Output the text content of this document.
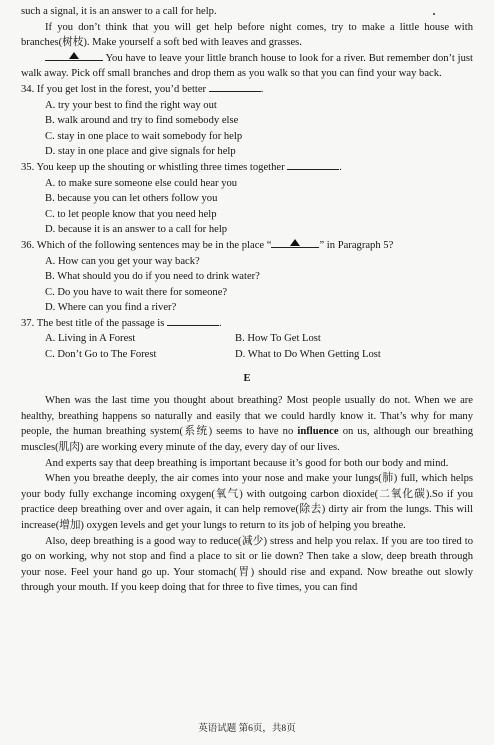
such a signal, it is an answer to a call for help.

If you don’t think that you will get help before night comes, try to make a little house with branches(树枝). Make yourself a soft bed with leaves and grasses.

You have to leave your little branch house to look for a river. But remember don’t just walk away. Pick off small branches and drop them as you walk so that you can find your way back.

34. If you get lost in the forest, you’d better	.

A. try your best to find the right way out

B. walk around and try to find somebody else

C. stay in one place to wait somebody for help

D. stay in one place and give signals for help

35. You keep up the shouting or whistling three times together	.

A. to make sure someone else could hear you

B. because you can let others follow you

C. to let people know that you need help

D. because it is an answer to a call for help

36. Which of the following sentences may be in the place “	” in Paragraph 5?

A. How can you get your way back?

B. What should you do if you need to drink water?

C. Do you have to wait there for someone?

D. Where can you find a river?

37. The best title of the passage is	.

A. Living in A Forest	B. How To Get Lost
C. Don’t Go to The Forest	D. What to Do When Getting Lost
E

When was the last time you thought about breathing? Most people usually do not. When we are healthy, breathing happens so naturally and easily that we could hardly know it. That’s why for many people, the human breathing system(系统) seems to have no influence on us, although our breathing muscles(肌肉) are working every minute of the day, every day of our lives.

And experts say that deep breathing is important because it’s good for both our body and mind.

When you breathe deeply, the air comes into your nose and make your lungs(肺) full, which helps your body fully exchange incoming oxygen(氧气) with outgoing carbon dioxide(二氧化碳).So if you practice deep breathing over and over again, it can help remove(除去) dirty air from the lungs. This will increase(增加) oxygen levels and get your lungs to return to its job of helping you breathe.

Also, deep breathing is a good way to reduce(减少) stress and help you relax. If you are too tired to go on working, why not stop and find a place to sit or lie down? Then take a slow, deep breath through your nose. Feel your hand go up. Your stomach(胃) should rise and expand. Now breathe out slowly through your mouth. If you keep doing that for three to five times, you can find

英语试题 第6页，共8页
